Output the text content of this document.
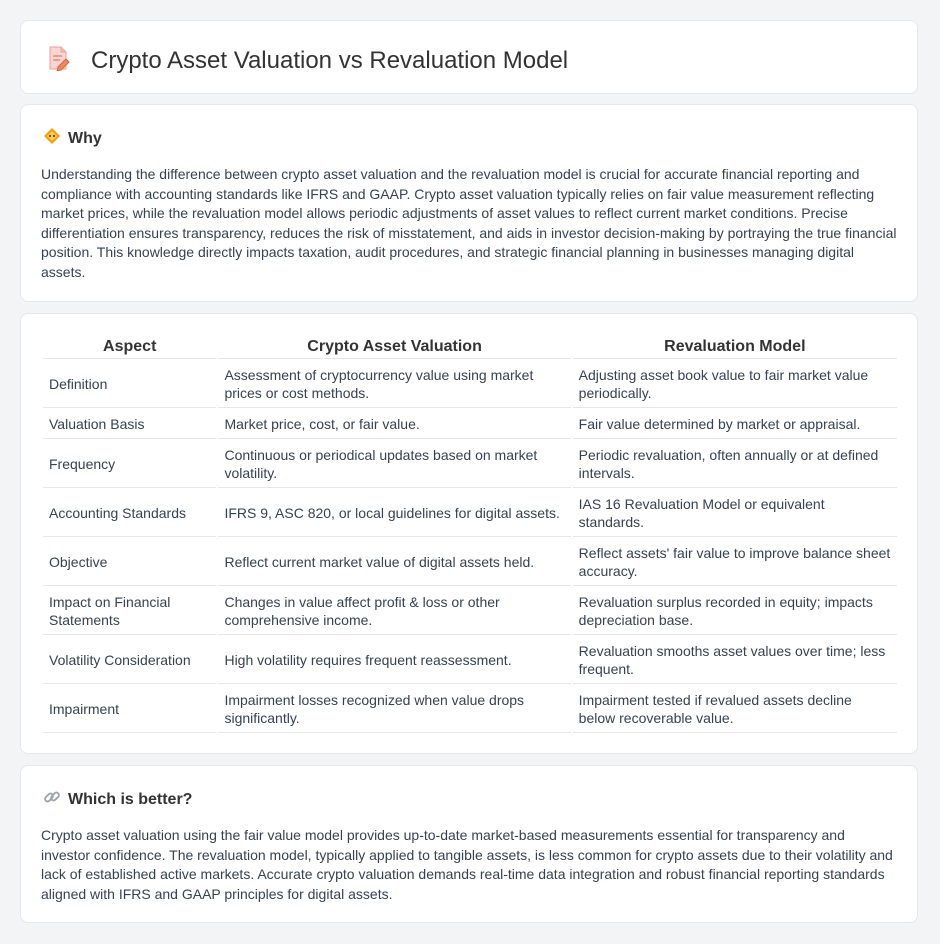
Crypto Asset Valuation vs Revaluation Model
Why

Understanding the difference between crypto asset valuation and the revaluation model is crucial for accurate financial reporting and compliance with accounting standards like IFRS and GAAP. Crypto asset valuation typically relies on fair value measurement reflecting market prices, while the revaluation model allows periodic adjustments of asset values to reflect current market conditions. Precise differentiation ensures transparency, reduces the risk of misstatement, and aids in investor decision-making by portraying the true financial position. This knowledge directly impacts taxation, audit procedures, and strategic financial planning in businesses managing digital assets.

Aspect	Crypto Asset Valuation	Revaluation Model
Definition	Assessment of cryptocurrency value using market prices or cost methods.	Adjusting asset book value to fair market value periodically.
Valuation Basis	Market price, cost, or fair value.	Fair value determined by market or appraisal.
Frequency	Continuous or periodical updates based on market volatility.	Periodic revaluation, often annually or at defined intervals.
Accounting Standards	IFRS 9, ASC 820, or local guidelines for digital assets.	IAS 16 Revaluation Model or equivalent standards.
Objective	Reflect current market value of digital assets held.	Reflect assets' fair value to improve balance sheet accuracy.
Impact on Financial Statements	Changes in value affect profit & loss or other comprehensive income.	Revaluation surplus recorded in equity; impacts depreciation base.
Volatility Consideration	High volatility requires frequent reassessment.	Revaluation smooths asset values over time; less frequent.
Impairment	Impairment losses recognized when value drops significantly.	Impairment tested if revalued assets decline below recoverable value.
Which is better?

Crypto asset valuation using the fair value model provides up-to-date market-based measurements essential for transparency and investor confidence. The revaluation model, typically applied to tangible assets, is less common for crypto assets due to their volatility and lack of established active markets. Accurate crypto valuation demands real-time data integration and robust financial reporting standards aligned with IFRS and GAAP principles for digital assets.
